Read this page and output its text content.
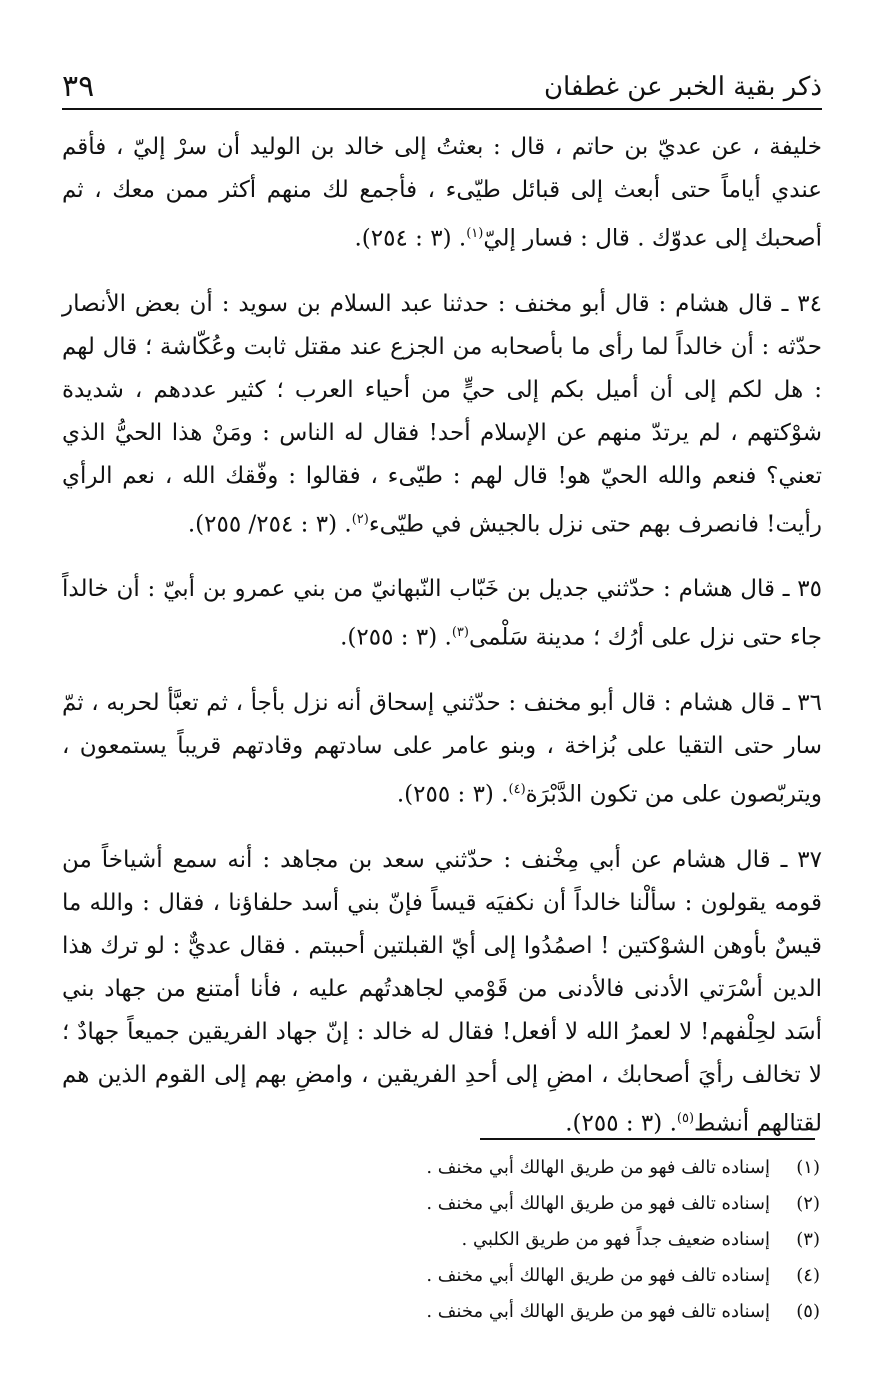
ذكر بقية الخبر عن غطفان
٣٩

خليفة ، عن عديّ بن حاتم ، قال : بعثتُ إلى خالد بن الوليد أن سرْ إليّ ، فأقم عندي أياماً حتى أبعث إلى قبائل طيّىء ، فأجمع لك منهم أكثر ممن معك ، ثم أصحبك إلى عدوّك . قال : فسار إليّ$^{(١)}$. (٣ : ٢٥٤).

٣٤ ـ قال هشام : قال أبو مخنف : حدثنا عبد السلام بن سويد : أن بعض الأنصار حدّثه : أن خالداً لما رأى ما بأصحابه من الجزع عند مقتل ثابت وعُكّاشة ؛ قال لهم : هل لكم إلى أن أميل بكم إلى حيٍّ من أحياء العرب ؛ كثير عددهم ، شديدة شوْكتهم ، لم يرتدّ منهم عن الإسلام أحد! فقال له الناس : ومَنْ هذا الحيُّ الذي تعني؟ فنعم والله الحيّ هو! قال لهم : طيّىء ، فقالوا : وفّقك الله ، نعم الرأي رأيت! فانصرف بهم حتى نزل بالجيش في طيّىء$^{(٢)}$. (٣ : ٢٥٤/ ٢٥٥).

٣٥ ـ قال هشام : حدّثني جديل بن خَبّاب النّبهانيّ من بني عمرو بن أبيّ : أن خالداً جاء حتى نزل على أرُك ؛ مدينة سَلْمى$^{(٣)}$. (٣ : ٢٥٥).

٣٦ ـ قال هشام : قال أبو مخنف : حدّثني إسحاق أنه نزل بأجأ ، ثم تعبَّأ لحربه ، ثمّ سار حتى التقيا على بُزاخة ، وبنو عامر على سادتهم وقادتهم قريباً يستمعون ، ويتربّصون على من تكون الدَّبْرَة$^{(٤)}$. (٣ : ٢٥٥).

٣٧ ـ قال هشام عن أبي مِخْنف : حدّثني سعد بن مجاهد : أنه سمع أشياخاً من قومه يقولون : سألْنا خالداً أن نكفيَه قيساً فإنّ بني أسد حلفاؤنا ، فقال : والله ما قيسٌ بأوهن الشوْكتين ! اصمُدُوا إلى أيّ القبلتين أحببتم . فقال عديٌّ : لو ترك هذا الدين أسْرَتي الأدنى فالأدنى من قَوْمي لجاهدتُهم عليه ، فأنا أمتنع من جهاد بني أسَد لحِلْفهم! لا لعمرُ الله لا أفعل! فقال له خالد : إنّ جهاد الفريقين جميعاً جهادٌ ؛ لا تخالف رأيَ أصحابك ، امضِ إلى أحدِ الفريقين ، وامضِ بهم إلى القوم الذين هم لقتالهم أنشط$^{(٥)}$. (٣ : ٢٥٥).

(١)
إسناده تالف فهو من طريق الهالك أبي مخنف .
(٢)
إسناده تالف فهو من طريق الهالك أبي مخنف .
(٣)
إسناده ضعيف جداً فهو من طريق الكلبي .
(٤)
إسناده تالف فهو من طريق الهالك أبي مخنف .
(٥)
إسناده تالف فهو من طريق الهالك أبي مخنف .
